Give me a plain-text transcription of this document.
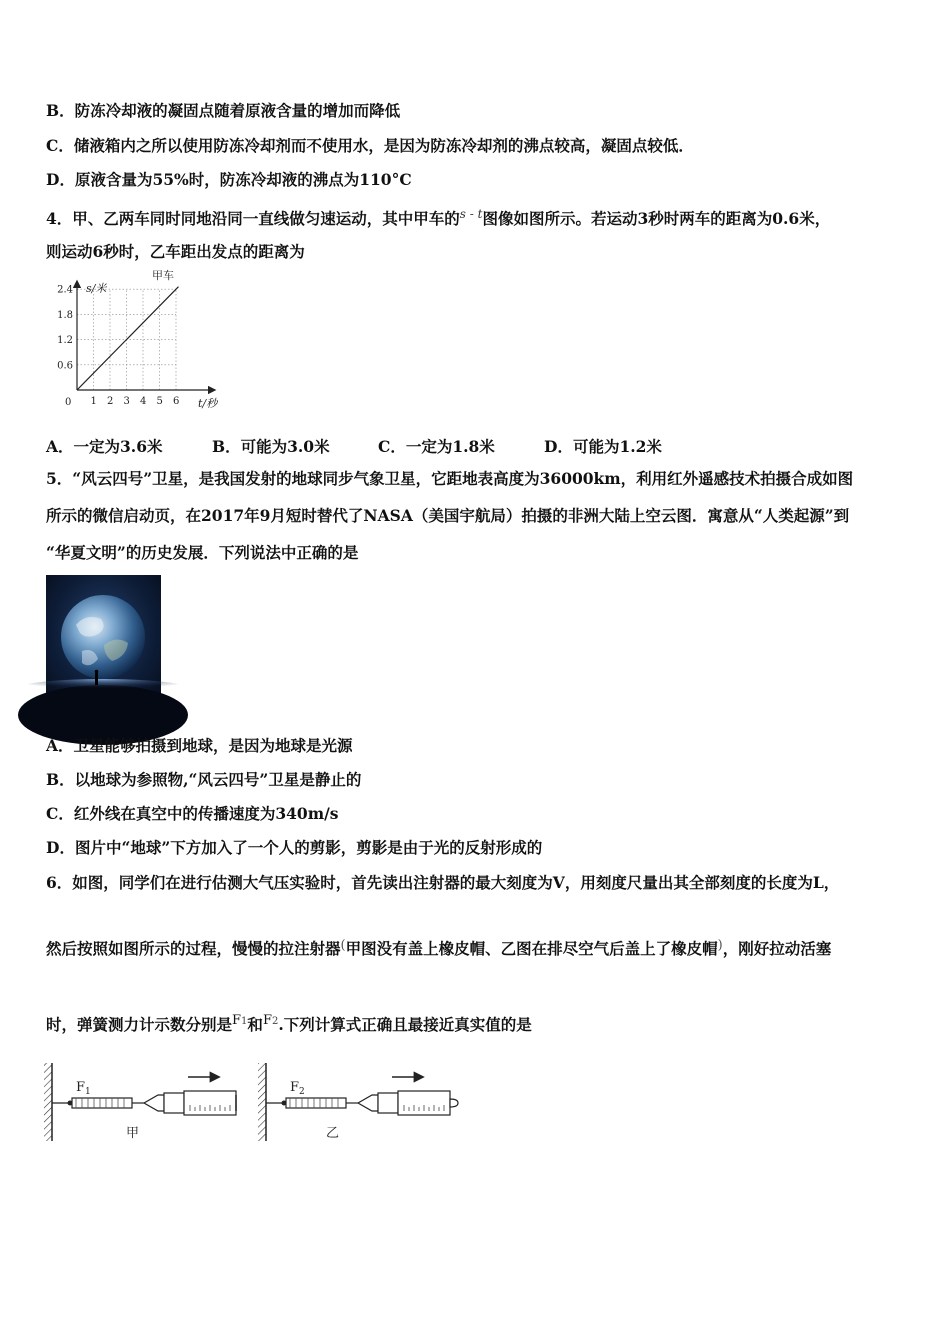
B．防冻冷却液的凝固点随着原液含量的增加而降低
C．储液箱内之所以使用防冻冷却剂而不使用水，是因为防冻冷却剂的沸点较高，凝固点较低．
D．原液含量为55%时，防冻冷却液的沸点为110°C
4．甲、乙两车同时同地沿同一直线做匀速运动，其中甲车的$^{s - t}$图像如图所示。若运动3秒时两车的距离为0.6米，
则运动6秒时，乙车距出发点的距离为
1 2 3 4 5 6
0.6
1.2
1.8
2.4
甲车
s/米
t/秒
0
A．一定为3.6米	B．可能为3.0米	C．一定为1.8米	D．可能为1.2米
5．“风云四号”卫星，是我国发射的地球同步气象卫星，它距地表高度为36000km，利用红外遥感技术拍摄合成如图
所示的微信启动页，在2017年9月短时替代了NASA（美国宇航局）拍摄的非洲大陆上空云图．寓意从“人类起源”到
“华夏文明”的历史发展．下列说法中正确的是
A．卫星能够拍摄到地球，是因为地球是光源
B．以地球为参照物,“风云四号”卫星是静止的
C．红外线在真空中的传播速度为340m/s
D．图片中“地球”下方加入了一个人的剪影，剪影是由于光的反射形成的
6．如图，同学们在进行估测大气压实验时，首先读出注射器的最大刻度为V，用刻度尺量出其全部刻度的长度为L，
然后按照如图所示的过程，慢慢的拉注射器(甲图没有盖上橡皮帽、乙图在排尽空气后盖上了橡皮帽)，刚好拉动活塞
时，弹簧测力计示数分别是$^{F1}$和$^{F2}$.下列计算式正确且最接近真实值的是
$F_1$
甲
$F_2$
乙
